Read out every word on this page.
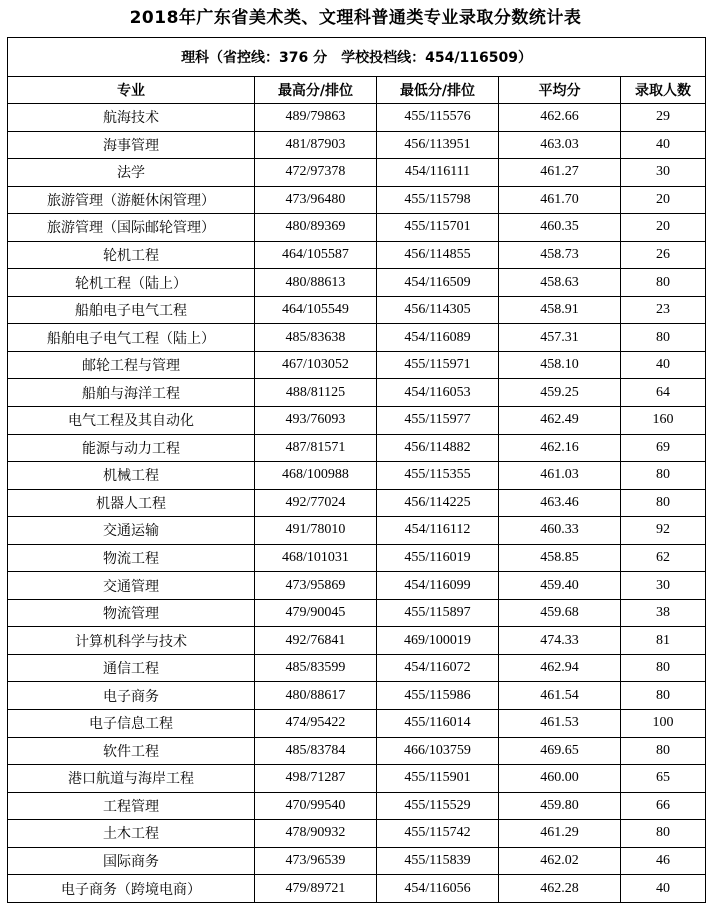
2018年广东省美术类、文理科普通类专业录取分数统计表
理科（省控线：376 分　学校投档线：454/116509）				
专业	最高分/排位	最低分/排位	平均分	录取人数
航海技术	489/79863	455/115576	462.66	29
海事管理	481/87903	456/113951	463.03	40
法学	472/97378	454/116111	461.27	30
旅游管理（游艇休闲管理）	473/96480	455/115798	461.70	20
旅游管理（国际邮轮管理）	480/89369	455/115701	460.35	20
轮机工程	464/105587	456/114855	458.73	26
轮机工程（陆上）	480/88613	454/116509	458.63	80
船舶电子电气工程	464/105549	456/114305	458.91	23
船舶电子电气工程（陆上）	485/83638	454/116089	457.31	80
邮轮工程与管理	467/103052	455/115971	458.10	40
船舶与海洋工程	488/81125	454/116053	459.25	64
电气工程及其自动化	493/76093	455/115977	462.49	160
能源与动力工程	487/81571	456/114882	462.16	69
机械工程	468/100988	455/115355	461.03	80
机器人工程	492/77024	456/114225	463.46	80
交通运输	491/78010	454/116112	460.33	92
物流工程	468/101031	455/116019	458.85	62
交通管理	473/95869	454/116099	459.40	30
物流管理	479/90045	455/115897	459.68	38
计算机科学与技术	492/76841	469/100019	474.33	81
通信工程	485/83599	454/116072	462.94	80
电子商务	480/88617	455/115986	461.54	80
电子信息工程	474/95422	455/116014	461.53	100
软件工程	485/83784	466/103759	469.65	80
港口航道与海岸工程	498/71287	455/115901	460.00	65
工程管理	470/99540	455/115529	459.80	66
土木工程	478/90932	455/115742	461.29	80
国际商务	473/96539	455/115839	462.02	46
电子商务（跨境电商）	479/89721	454/116056	462.28	40
